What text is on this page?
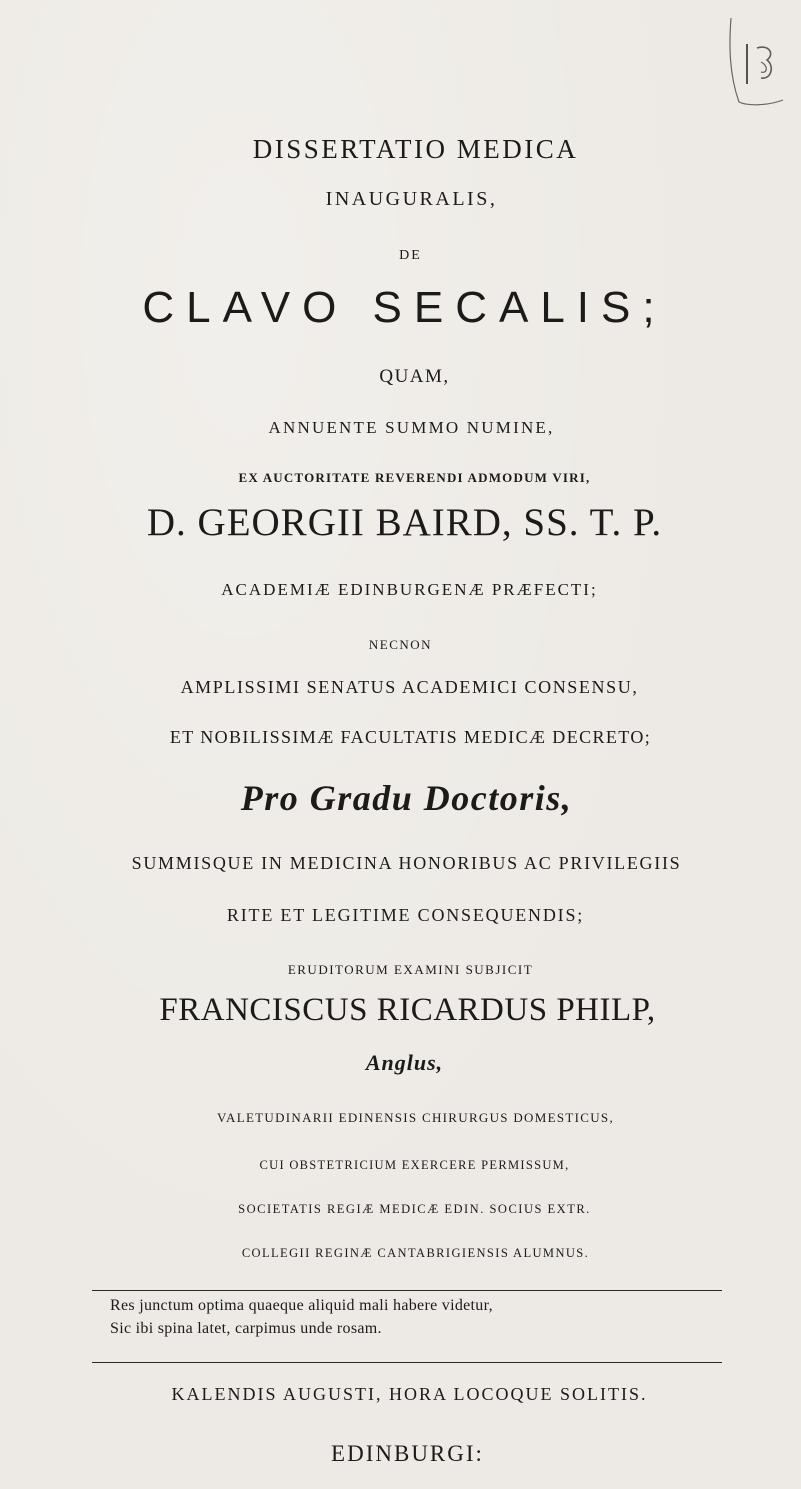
DISSERTATIO MEDICA
INAUGURALIS,
DE
CLAVO SECALIS;
QUAM,
ANNUENTE SUMMO NUMINE,
EX AUCTORITATE REVERENDI ADMODUM VIRI,
D. GEORGII BAIRD, SS. T. P.
ACADEMIÆ EDINBURGENÆ PRÆFECTI;
NECNON
AMPLISSIMI SENATUS ACADEMICI CONSENSU,
ET NOBILISSIMÆ FACULTATIS MEDICÆ DECRETO;
Pro Gradu Doctoris,
SUMMISQUE IN MEDICINA HONORIBUS AC PRIVILEGIIS
RITE ET LEGITIME CONSEQUENDIS;
ERUDITORUM EXAMINI SUBJICIT
FRANCISCUS RICARDUS PHILP,
Anglus,
VALETUDINARII EDINENSIS CHIRURGUS DOMESTICUS,
CUI OBSTETRICIUM EXERCERE PERMISSUM,
SOCIETATIS REGIÆ MEDICÆ EDIN. SOCIUS EXTR.
COLLEGII REGINÆ CANTABRIGIENSIS ALUMNUS.
Res junctum optima quaeque aliquid mali habere videtur,
Sic ibi spina latet, carpimus unde rosam.
KALENDIS AUGUSTI, HORA LOCOQUE SOLITIS.
EDINBURGI:
